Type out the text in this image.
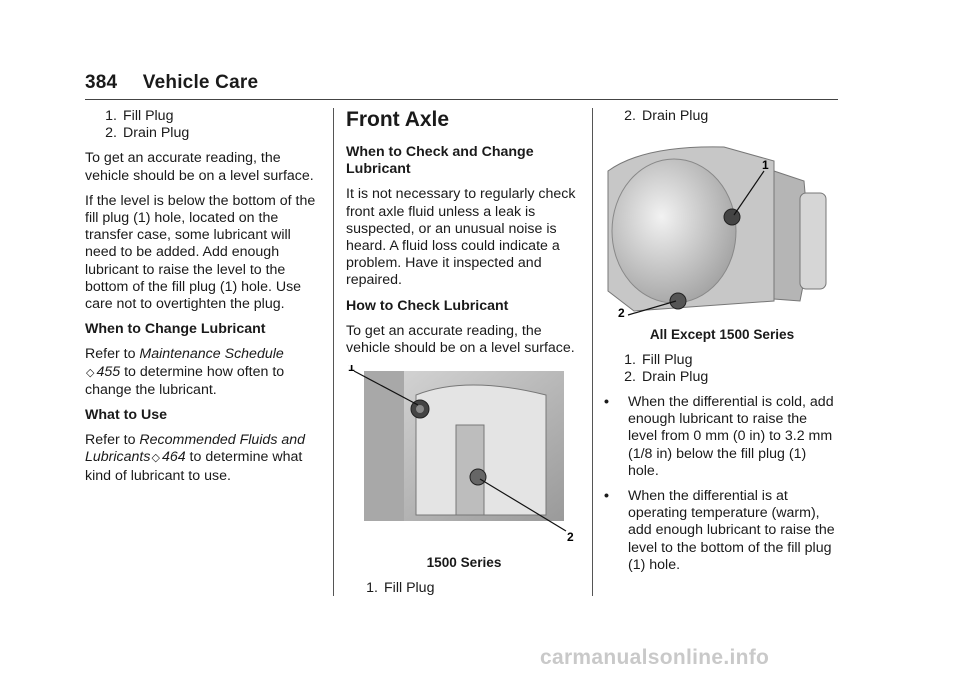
384 Vehicle Care
1. Fill Plug
2. Drain Plug

To get an accurate reading, the vehicle should be on a level surface.

If the level is below the bottom of the fill plug (1) hole, located on the transfer case, some lubricant will need to be added. Add enough lubricant to raise the level to the bottom of the fill plug (1) hole. Use care not to overtighten the plug.

When to Change Lubricant

Refer to Maintenance Schedule ◇ 455 to determine how often to change the lubricant.

What to Use

Refer to Recommended Fluids and Lubricants◇ 464 to determine what kind of lubricant to use.

Front Axle
When to Check and Change Lubricant

It is not necessary to regularly check front axle fluid unless a leak is suspected, or an unusual noise is heard. A fluid loss could indicate a problem. Have it inspected and repaired.

How to Check Lubricant

To get an accurate reading, the vehicle should be on a level surface.

1
2
1500 Series
1. Fill Plug
2. Drain Plug
1
2
All Except 1500 Series
1. Fill Plug
2. Drain Plug
•	When the differential is cold, add enough lubricant to raise the level from 0 mm (0 in) to 3.2 mm (1/8 in) below the fill plug (1) hole.
•	When the differential is at operating temperature (warm), add enough lubricant to raise the level to the bottom of the fill plug (1) hole.
carmanualsonline.info
